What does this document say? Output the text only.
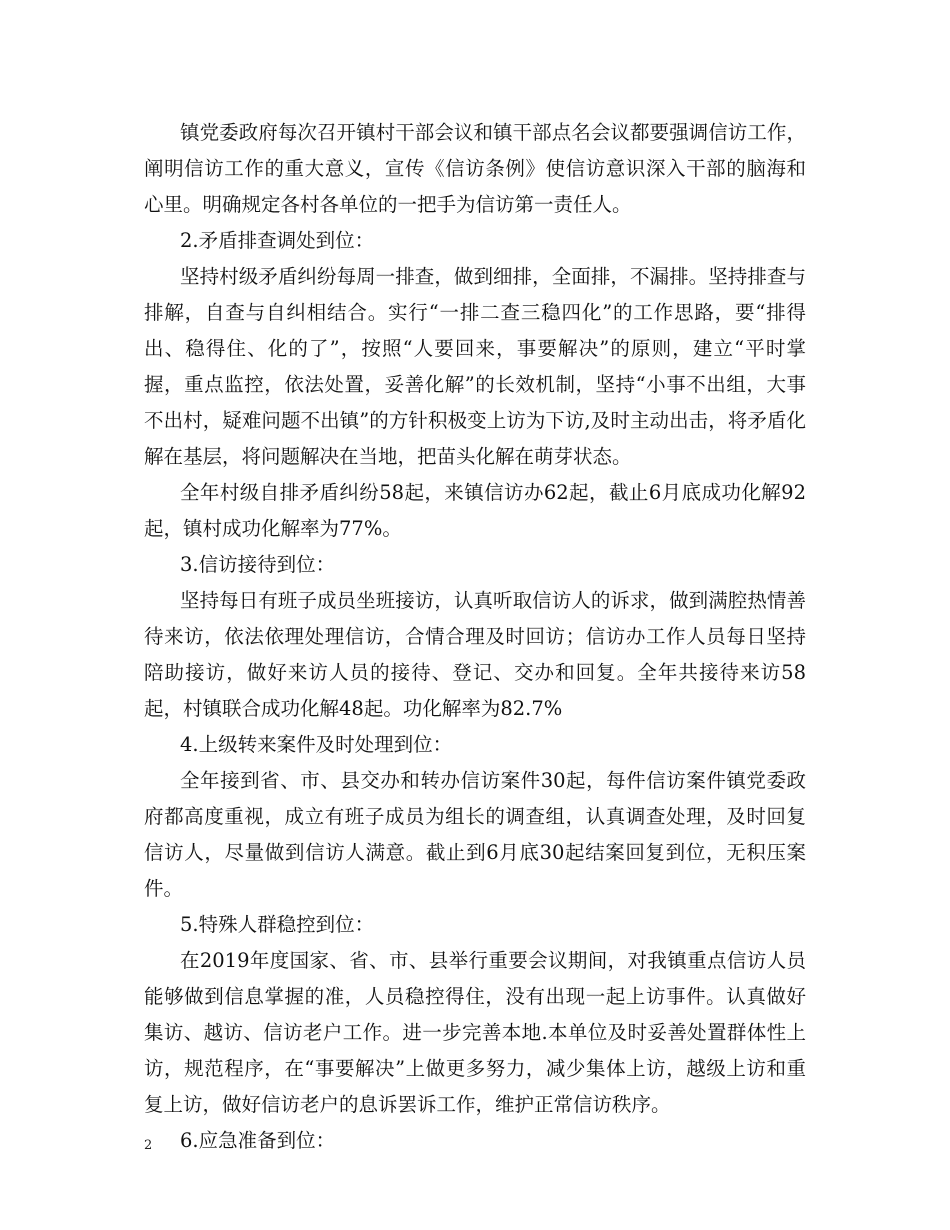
镇党委政府每次召开镇村干部会议和镇干部点名会议都要强调信访工作，阐明信访工作的重大意义，宣传《信访条例》使信访意识深入干部的脑海和心里。明确规定各村各单位的一把手为信访第一责任人。

2.矛盾排查调处到位：

坚持村级矛盾纠纷每周一排查，做到细排，全面排，不漏排。坚持排查与排解，自查与自纠相结合。实行“一排二查三稳四化”的工作思路，要“排得出、稳得住、化的了”，按照“人要回来，事要解决”的原则，建立“平时掌握，重点监控，依法处置，妥善化解”的长效机制，坚持“小事不出组，大事不出村，疑难问题不出镇”的方针积极变上访为下访,及时主动出击，将矛盾化解在基层，将问题解决在当地，把苗头化解在萌芽状态。

全年村级自排矛盾纠纷58起，来镇信访办62起，截止6月底成功化解92起，镇村成功化解率为77%。

3.信访接待到位：

坚持每日有班子成员坐班接访，认真听取信访人的诉求，做到满腔热情善待来访，依法依理处理信访，合情合理及时回访；信访办工作人员每日坚持陪助接访，做好来访人员的接待、登记、交办和回复。全年共接待来访58起，村镇联合成功化解48起。功化解率为82.7%

4.上级转来案件及时处理到位：

全年接到省、市、县交办和转办信访案件30起，每件信访案件镇党委政府都高度重视，成立有班子成员为组长的调查组，认真调查处理，及时回复信访人，尽量做到信访人满意。截止到6月底30起结案回复到位，无积压案件。

5.特殊人群稳控到位：

在2019年度国家、省、市、县举行重要会议期间，对我镇重点信访人员能够做到信息掌握的准，人员稳控得住，没有出现一起上访事件。认真做好集访、越访、信访老户工作。进一步完善本地.本单位及时妥善处置群体性上访，规范程序，在“事要解决”上做更多努力，减少集体上访，越级上访和重复上访，做好信访老户的息诉罢诉工作，维护正常信访秩序。

6.应急准备到位：

2
